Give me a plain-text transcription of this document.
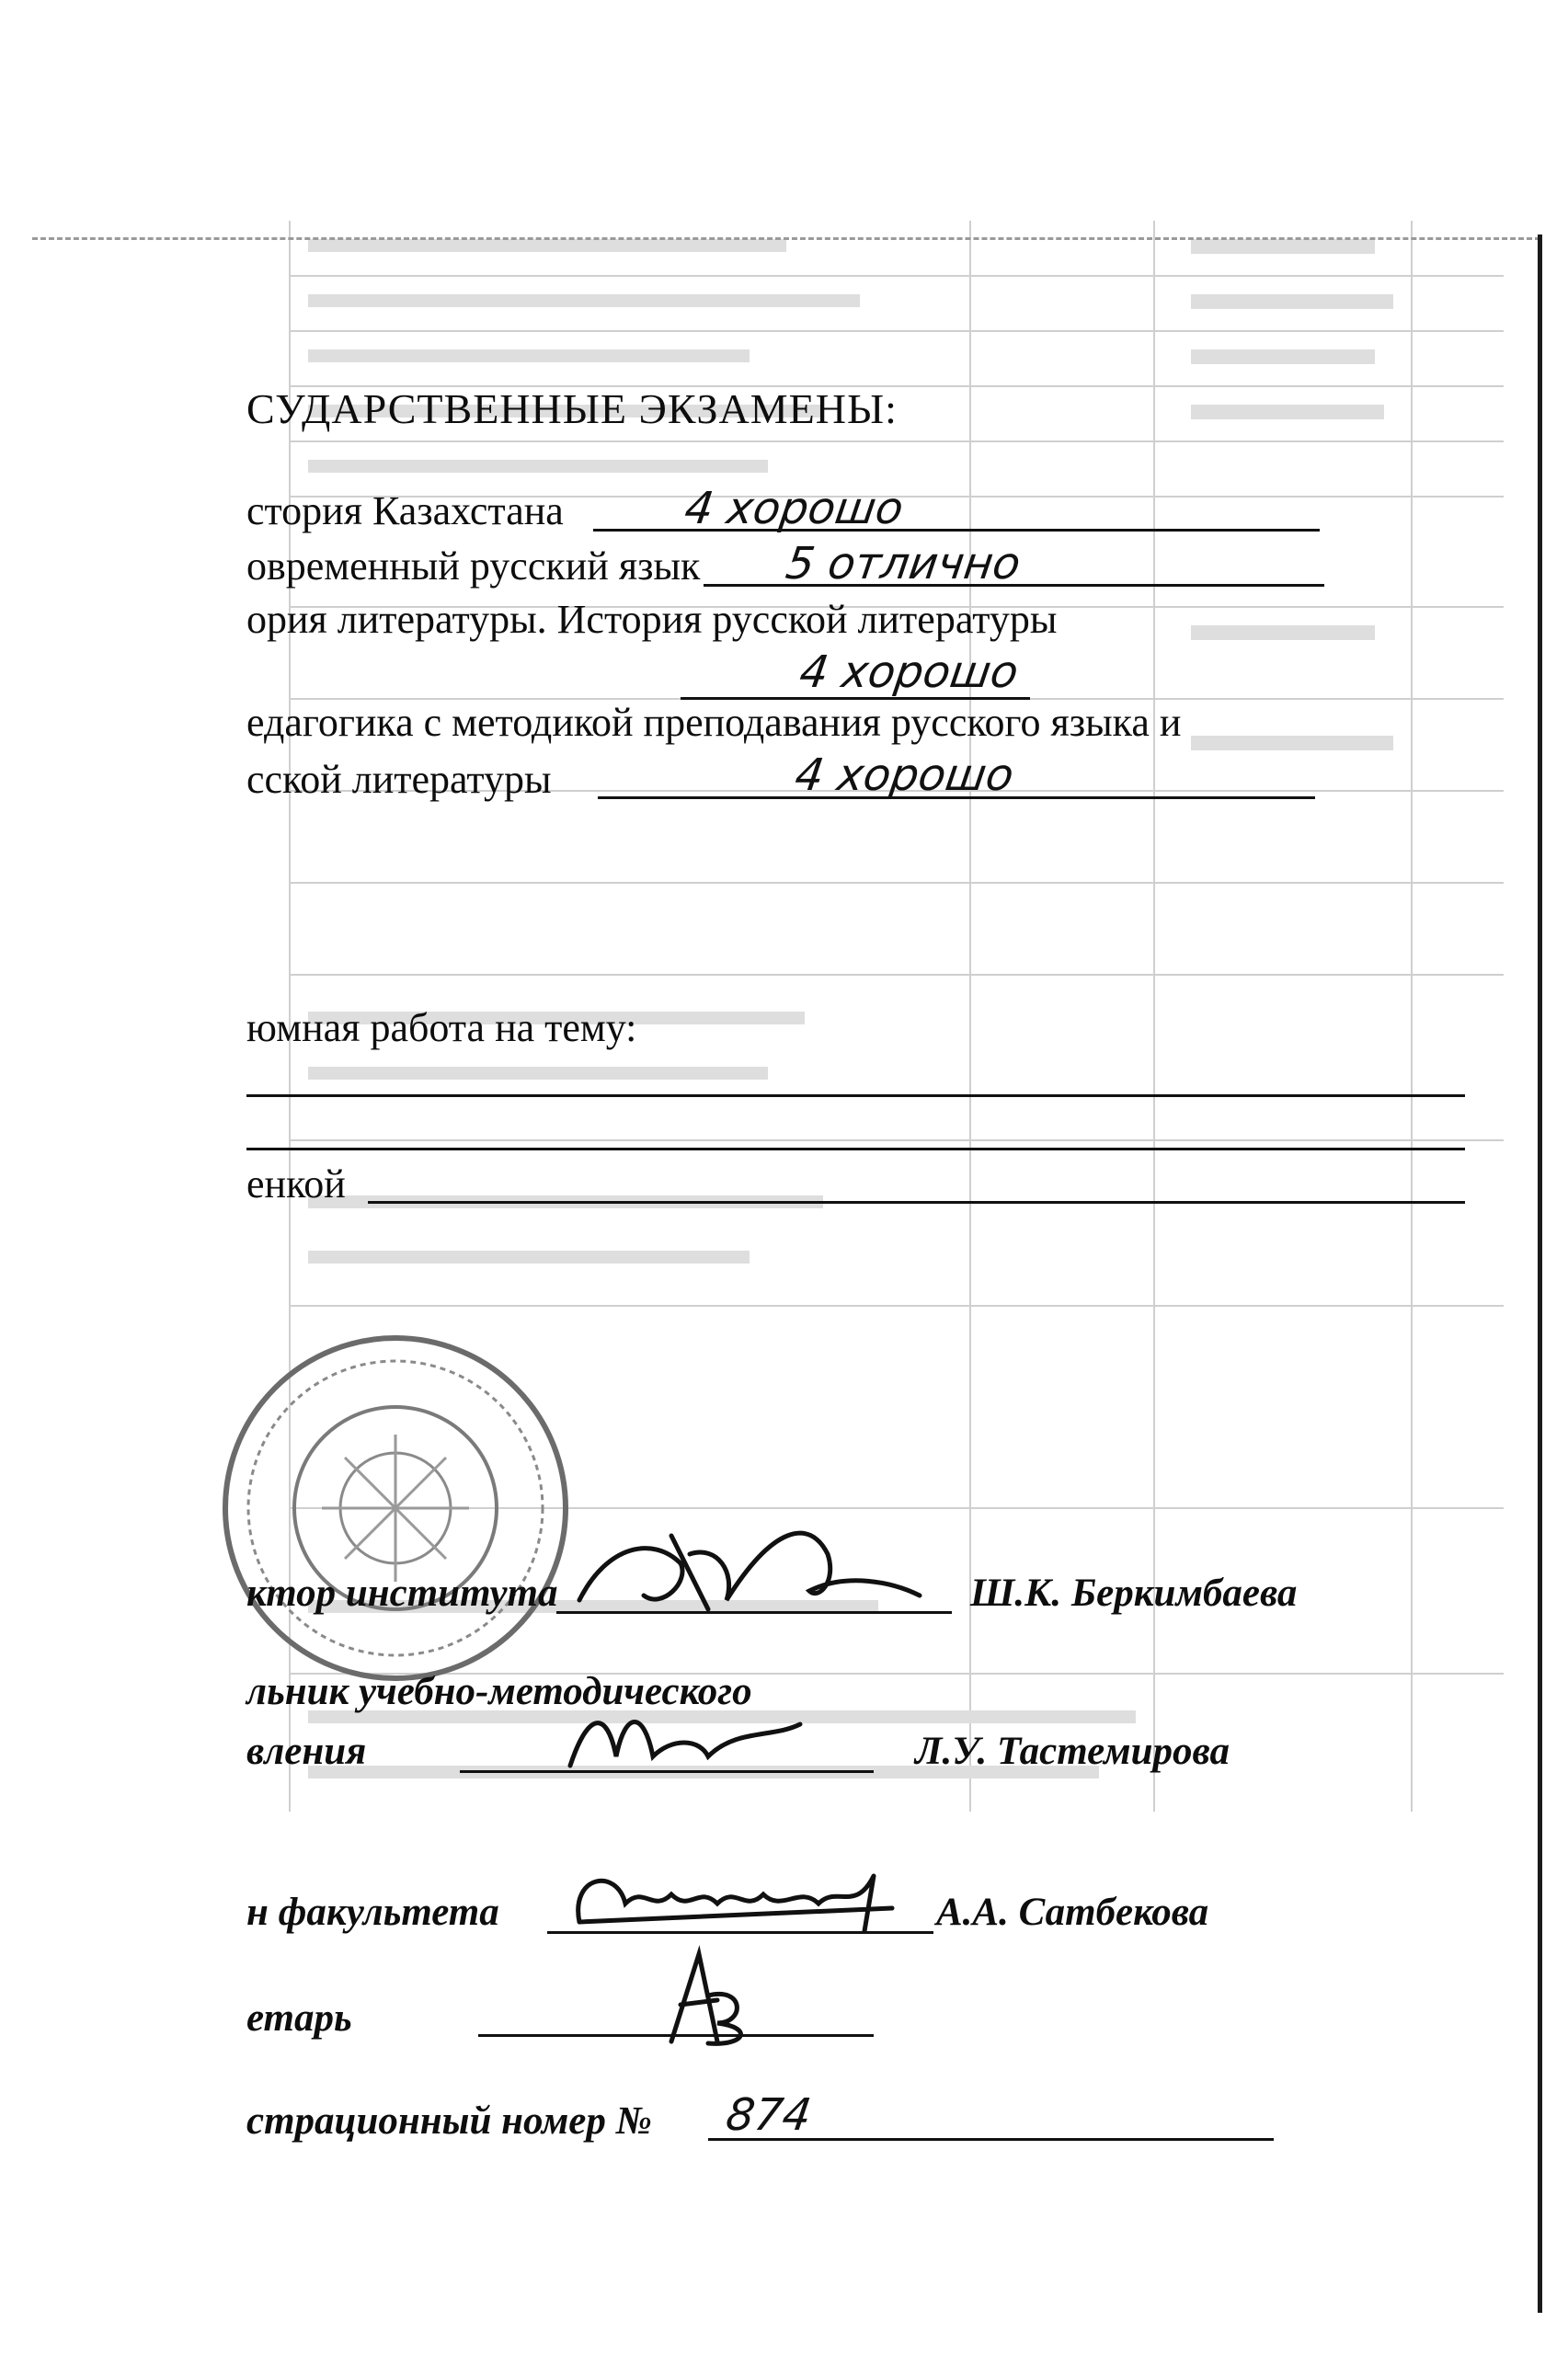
СУДАРСТВЕННЫЕ ЭКЗАМЕНЫ:
стория Казахстана	4 хорошо
овременный русский язык 5 отлично
ория литературы. История русской литературы
4 хорошо
едагогика с методикой преподавания русского языка и
сской литературы	4 хорошо
юмная работа на тему:
енкой
ктор института	Ш.К. Беркимбаева
льник учебно-методического
вления	Л.У. Тастемирова
н факультета	А.А. Сатбекова
етарь
страционный номер № 874
